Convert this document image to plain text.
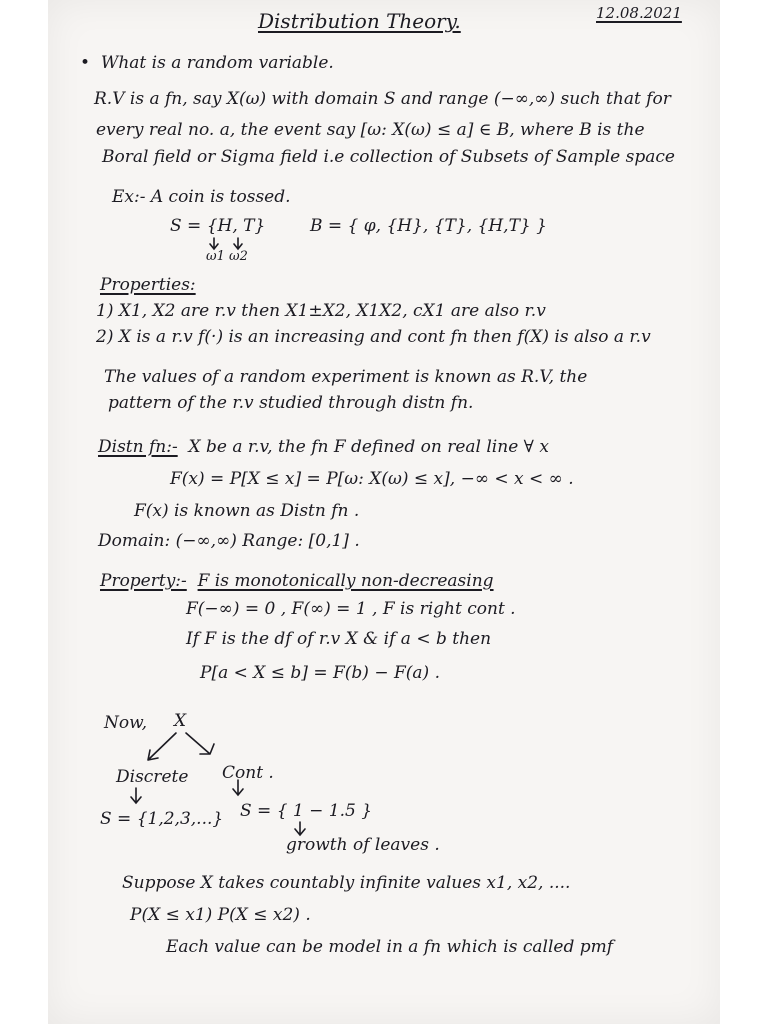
Distribution Theory.	12.08.2021
•  What is a random variable.
R.V is a fn, say X(ω) with domain S and range (−∞,∞) such that for
every real no. a, the event say [ω: X(ω) ≤ a] ∈ B, where B is the
Boral field or Sigma field i.e collection of Subsets of Sample space
Ex:- A coin is tossed.
S = {H, T}	B = { φ, {H}, {T}, {H,T} }
ω1 ω2
Properties:
1) X1, X2 are r.v then X1±X2, X1X2, cX1 are also r.v
2) X is a r.v f(·) is an increasing and cont fn then f(X) is also a r.v
The values of a random experiment is known as R.V, the
pattern of the r.v studied through distn fn.
Distn fn:- X be a r.v, the fn F defined on real line ∀ x
F(x) = P[X ≤ x] = P[ω: X(ω) ≤ x], −∞ < x < ∞ .
F(x) is known as Distn fn .
Domain: (−∞,∞) Range: [0,1] .
Property:- F is monotonically non-decreasing
F(−∞) = 0 , F(∞) = 1 , F is right cont .
If F is the df of r.v X & if a < b then
P[a < X ≤ b] = F(b) − F(a) .
Now, X
Discrete Cont .
S = {1,2,3,...} S = { 1 − 1.5 }
growth of leaves .
Suppose X takes countably infinite values x1, x2, ....
P(X ≤ x1) P(X ≤ x2) .
Each value can be model in a fn which is called pmf
